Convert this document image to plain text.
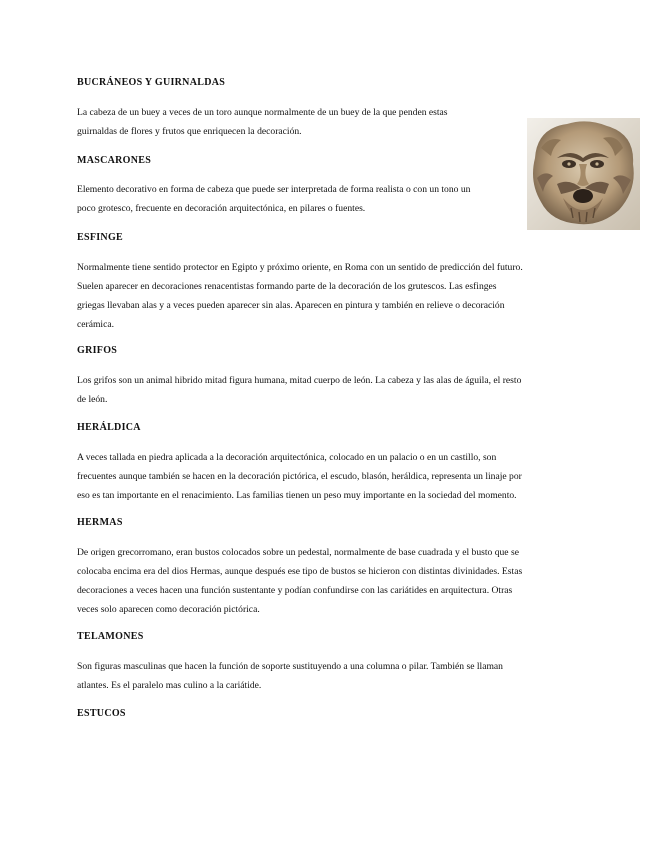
BUCRÁNEOS Y GUIRNALDAS
La cabeza de un buey a veces de un toro aunque normalmente de un buey de la que penden estas
guirnaldas de flores y frutos que enriquecen la decoración.
MASCARONES
Elemento decorativo en forma de cabeza que puede ser interpretada de forma realista o con un tono un
poco grotesco, frecuente en decoración arquitectónica, en pilares o fuentes.
ESFINGE
Normalmente tiene sentido protector en Egipto y próximo oriente, en Roma con un sentido de predicción del futuro.
Suelen aparecer en decoraciones renacentistas formando parte de la decoración de los grutescos. Las esfinges
griegas llevaban alas y a veces pueden aparecer sin alas. Aparecen en pintura y también en relieve o decoración
cerámica.
GRIFOS
Los grifos son un animal hibrido mitad figura humana, mitad cuerpo de león. La cabeza y las alas de águila, el resto
de león.
HERÁLDICA
A veces tallada en piedra aplicada a la decoración arquitectónica, colocado en un palacio o en un castillo, son
frecuentes aunque también se hacen en la decoración pictórica, el escudo, blasón, heráldica, representa un linaje por
eso es tan importante en el renacimiento. Las familias tienen un peso muy importante en la sociedad del momento.
HERMAS
De origen grecorromano, eran bustos colocados sobre un pedestal, normalmente de base cuadrada y el busto que se
colocaba encima era del dios Hermas, aunque después ese tipo de bustos se hicieron con distintas divinidades. Estas
decoraciones a veces hacen una función sustentante y podían confundirse con las cariátides en arquitectura. Otras
veces solo aparecen como decoración pictórica.
TELAMONES
Son figuras masculinas que hacen la función de soporte sustituyendo a una columna o pilar. También se llaman
atlantes. Es el paralelo mas culino a la cariátide.
ESTUCOS
